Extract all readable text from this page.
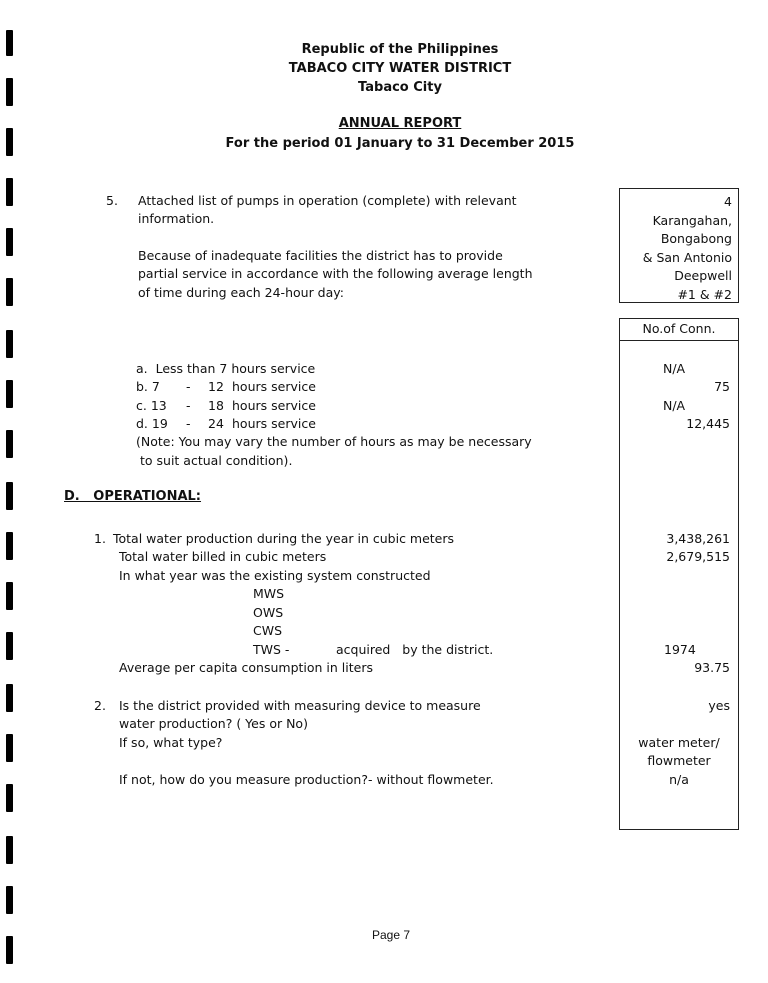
Republic of the Philippines
TABACO CITY WATER DISTRICT
Tabaco City
ANNUAL REPORT
For the period 01 January to 31 December 2015
5. Attached list of pumps in operation (complete) with relevant
information.
Because of inadequate facilities the district has to provide
partial service in accordance with the following average length
of time during each 24-hour day:
4
Karangahan,
Bongabong
& San Antonio
Deepwell
#1 & #2
No.of Conn.
a. Less than 7 hours service	N/A
b. 7 - 12 hours service	75
c. 13 - 18 hours service	N/A
d. 19 - 24 hours service	12,445
(Note: You may vary the number of hours as may be necessary
to suit actual condition).
D.   OPERATIONAL:
1. Total water production during the year in cubic meters	3,438,261
Total water billed in cubic meters	2,679,515
In what year was the existing system constructed
MWS
OWS
CWS
TWS -	acquired   by the district.	1974
Average per capita consumption in liters	93.75
2. Is the district provided with measuring device to measure	yes
water production? ( Yes or No)
If so, what type?	water meter/
flowmeter
If not, how do you measure production?- without flowmeter.	n/a
Page 7
